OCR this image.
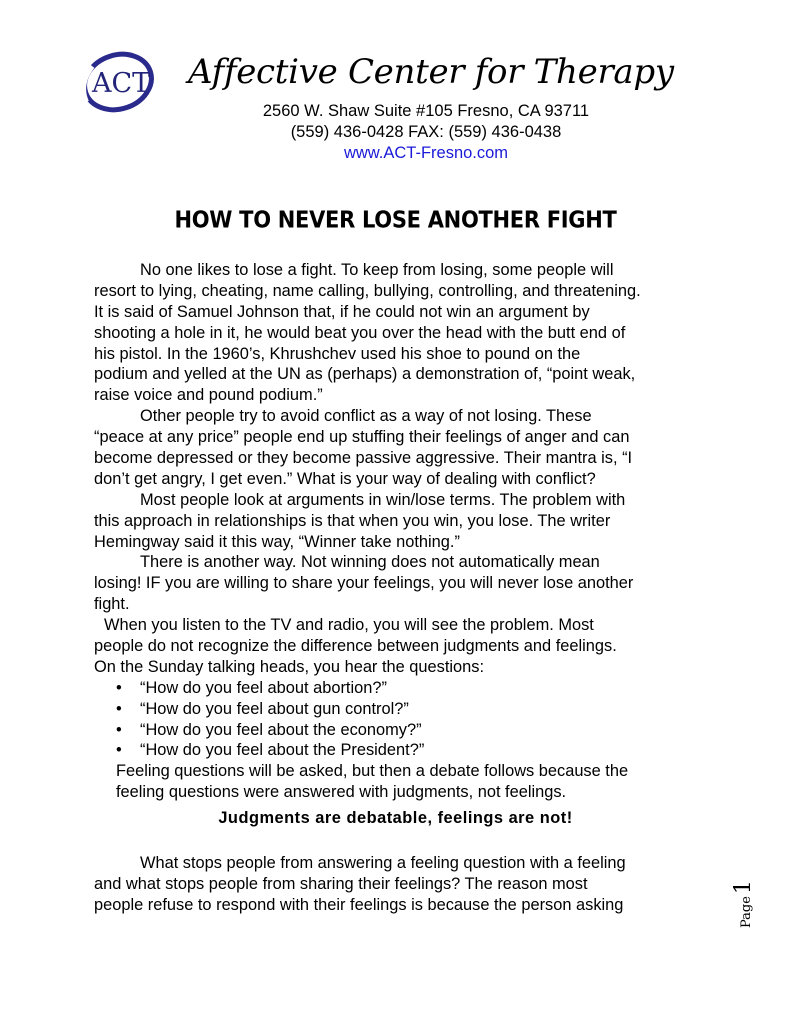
ACT Affective Center for Therapy

2560 W. Shaw Suite #105 Fresno, CA 93711

(559) 436-0428 FAX: (559) 436-0438

www.ACT-Fresno.com

HOW TO NEVER LOSE ANOTHER FIGHT
No one likes to lose a fight. To keep from losing, some people will
resort to lying, cheating, name calling, bullying, controlling, and threatening.
It is said of Samuel Johnson that, if he could not win an argument by
shooting a hole in it, he would beat you over the head with the butt end of
his pistol. In the 1960’s, Khrushchev used his shoe to pound on the
podium and yelled at the UN as (perhaps) a demonstration of, “point weak,
raise voice and pound podium.”
Other people try to avoid conflict as a way of not losing. These
“peace at any price” people end up stuffing their feelings of anger and can
become depressed or they become passive aggressive. Their mantra is, “I
don’t get angry, I get even.” What is your way of dealing with conflict?
Most people look at arguments in win/lose terms. The problem with
this approach in relationships is that when you win, you lose. The writer
Hemingway said it this way, “Winner take nothing.”
There is another way. Not winning does not automatically mean
losing! IF you are willing to share your feelings, you will never lose another
fight.
When you listen to the TV and radio, you will see the problem. Most
people do not recognize the difference between judgments and feelings.
On the Sunday talking heads, you hear the questions:
•	“How do you feel about abortion?”
•	“How do you feel about gun control?”
•	“How do you feel about the economy?”
•	“How do you feel about the President?”
Feeling questions will be asked, but then a debate follows because the
feeling questions were answered with judgments, not feelings.
Judgments are debatable, feelings are not!
What stops people from answering a feeling question with a feeling
and what stops people from sharing their feelings? The reason most
people refuse to respond with their feelings is because the person asking	Page1
